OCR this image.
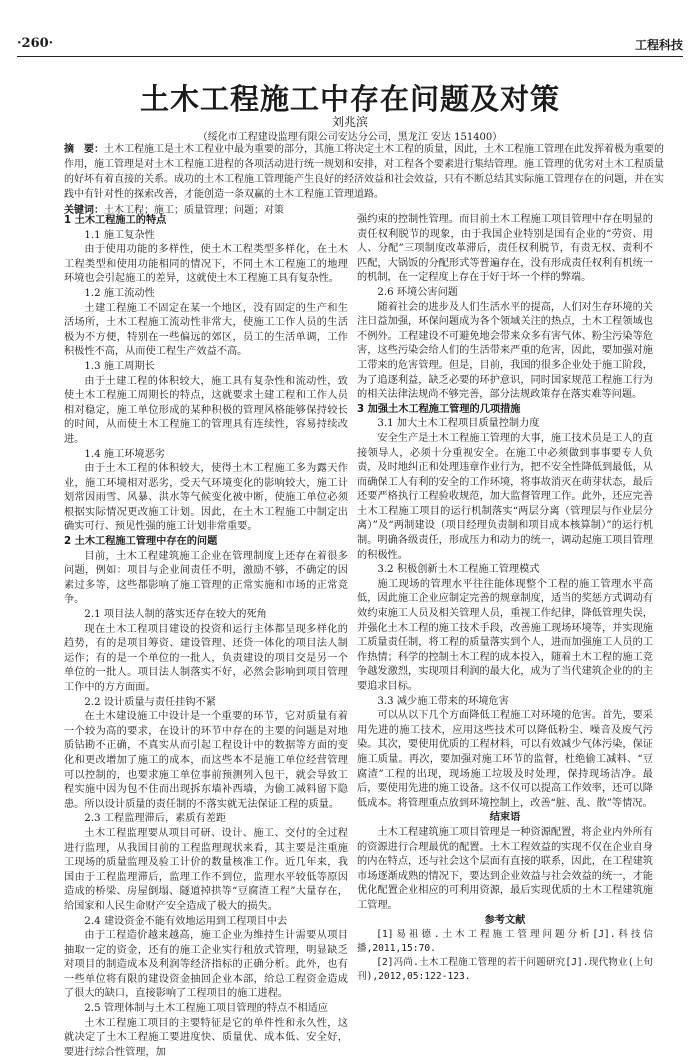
·260·	工程科技
土木工程施工中存在问题及对策
刘兆滨
（绥化市工程建设监理有限公司安达分公司，黑龙江 安达 151400）
摘　要：土木工程施工是土木工程业中最为重要的部分，其施工将决定土木工程的质量，因此，土木工程施工管理在此发挥着极为重要的作用，施工管理是对土木工程施工进程的各项活动进行统一规划和安排，对工程各个要素进行集结管理。施工管理的优劣对土木工程质量的好坏有着直接的关系。成功的土木工程施工管理能产生良好的经济效益和社会效益，只有不断总结其实际施工管理存在的问题，并在实践中有针对性的探索改善，才能创造一条双赢的土木工程施工管理道路。
关键词：土木工程；施工；质量管理；问题；对策
1 土木工程施工的特点
1.1 施工复杂性

由于使用功能的多样性，使土木工程类型多样化，在土木工程类型和使用功能相同的情况下，不同土木工程施工的地理环境也会引起施工的差异，这就使土木工程施工具有复杂性。

1.2 施工流动性

土建工程施工不固定在某一个地区，没有固定的生产和生活场所，土木工程施工流动性非常大，使施工工作人员的生活极为不方便，特别在一些偏远的郊区，员工的生活单调，工作积极性不高，从而使工程生产效益不高。

1.3 施工周期长

由于土建工程的体积较大，施工具有复杂性和流动性，致使土木工程施工周期长的特点，这就要求土建工程和工作人员相对稳定，施工单位形成的某种积极的管理风格能够保持较长的时间，从而使土木工程施工的管理具有连续性，容易持续改进。

1.4 施工环境恶劣

由于土木工程的体积较大，使得土木工程施工多为露天作业，施工环境相对恶劣，受天气环境变化的影响较大，施工计划常因雨雪、风暴、洪水等气候变化被中断，使施工单位必须根据实际情况更改施工计划。因此，在土木工程施工中制定出确实可行、预见性强的施工计划非常重要。

2 土木工程施工管理中存在的问题

目前，土木工程建筑施工企业在管理制度上还存在着很多问题，例如：项目与企业间责任不明，激励不够，不确定的因素过多等，这些都影响了施工管理的正常实施和市场的正常竞争。

2.1 项目法人制的落实还存在较大的死角

现在土木工程项目建设的投资和运行主体都呈现多样化的趋势，有的是项目筹资、建设管理、还贷一体化的项目法人制运作；有的是一个单位的一批人，负责建设的项目交是另一个单位的一批人。项目法人制落实不好，必然会影响到项目管理工作中的方方面面。

2.2 设计质量与责任挂钩不紧

在土木建设施工中设计是一个重要的环节，它对质量有着一个较为高的要求，在设计的环节中存在的主要的问题是对地质钻勘不正确，不真实从而引起工程设计中的数据等方面的变化和更改增加了施工的成本，而这些本不是施工单位经营管理可以控制的，也要求施工单位事前预测列入包干，就会导致工程实施中因为包不住而出现拆东墙补西墙，为偷工减料留下隐患。所以设计质量的责任制的不落实就无法保证工程的质量。

2.3 工程监理滞后，素质有差距

土木工程监理要从项目可研、设计、施工、交付的全过程进行监理，从我国目前的工程监理现状来看，其主要是注重施工现场的质量监理及验工计价的数量核准工作。近几年来，我国由于工程监理滞后，监理工作不到位，监理水平较低等原因造成的桥梁、房屋倒塌、隧道掉拱等“豆腐渣工程”大量存在，给国家和人民生命财产安全造成了极大的损失。

2.4 建设资金不能有效地运用到工程项目中去

由于工程造价越来越高，施工企业为维持生计需要从项目抽取一定的资金，还有的施工企业实行租放式管理，明显缺乏对项目的制造成本及利润等经济指标的正确分析。此外，也有一些单位将有限的建设资金抽回企业本部，给总工程资金造成了很大的缺口，直接影响了工程项目的施工进程。

2.5 管理体制与土木工程施工项目管理的特点不相适应

土木工程施工项目的主要特征是它的单件性和永久性，这就决定了土木工程施工要进度快、质量优、成本低、安全好，要进行综合性管理，加

强约束的控制性管理。而目前土木工程施工项目管理中存在明显的责任权利脱节的现象，由于我国企业特别是国有企业的“劳资、用人、分配”三项制度改革滞后，责任权利脱节，有责无权、责利不匹配，大锅饭的分配形式等普遍存在，没有形成责任权利有机统一的机制，在一定程度上存在于好于坏一个样的弊端。

2.6 环境公害问题

随着社会的进步及人们生活水平的提高，人们对生存环境的关注日益加强，环保问题成为各个领域关注的热点，土木工程领域也不例外。工程建设不可避免地会带来众多有害气体、粉尘污染等危害，这些污染会给人们的生活带来严重的危害，因此，要加强对施工带来的危害管理。但是，目前，我国的很多企业处于施工阶段，为了追逐利益，缺乏必要的环护意识，同时国家规范工程施工行为的相关法律法规尚不够完善，部分法规政策存在落实难等问题。

3 加强土木工程施工管理的几项措施
3.1 加大土木工程项目质量控制力度

安全生产是土木工程施工管理的大事，施工技术员是工人的直接领导人，必须十分重视安全。在施工中必须做到事事要专人负责，及时地纠正和处理违章作业行为，把不安全性降低到最低，从而确保工人有利的安全的工作环境，将事故消灭在萌芽状态，最后还要严格执行工程验收规范，加大监督管理工作。此外，还应完善土木工程施工项目的运行机制落实“两层分离（管理层与作业层分离）”及“两制建设（项目经理负责制和项目成本核算制）”的运行机制。明确各级责任，形成压力和动力的统一，调动起施工项目管理的积极性。

3.2 积极创新土木工程施工管理模式

施工现场的管理水平往往能体现整个工程的施工管理水平高低，因此施工企业应制定完善的规章制度，适当的奖惩方式调动有效约束施工人员及相关管理人员，重视工作纪律，降低管理失误，并强化土木工程的施工技术手段，改善施工现场环境等，并实现施工质量责任制，将工程的质量落实到个人，进而加强施工人员的工作热情；科学的控制土木工程的成本投入，随着土木工程的施工竞争越发激烈，实现项目利润的最大化，成为了当代建筑企业的的主要追求目标。

3.3 减少施工带来的环境危害

可以从以下几个方面降低工程施工对环境的危害。首先，要采用先进的施工技术，应用这些技术可以降低粉尘、噪音及废气污染。其次，要使用优质的工程材料，可以有效减少气体污染，保证施工质量。再次，要加强对施工环节的监督，杜绝偷工减料、“豆腐渣”工程的出现，现场施工垃圾及时处理，保持现场洁净。最后，要使用先进的施工设备。这不仅可以提高工作效率，还可以降低成本。将管理重点放到环境控制上，改善“脏、乱、散”等情况。

结束语

土木工程建筑施工项目管理是一种资源配置，将企业内外所有的资源进行合理最优的配置。土木工程效益的实现不仅在企业自身的内在特点，还与社会这个层面有直接的联系，因此，在工程建筑市场逐渐成熟的情况下，要达到企业效益与社会效益的统一，才能优化配置企业相应的可利用资源，最后实现优质的土木工程建筑施工管理。

参考文献

[1]易祖德.土木工程施工管理问题分析[J].科技信播,2011,15:70.

[2]冯尚.土木工程施工管理的若干问题研究[J].现代物业(上旬刊),2012,05:122-123.
